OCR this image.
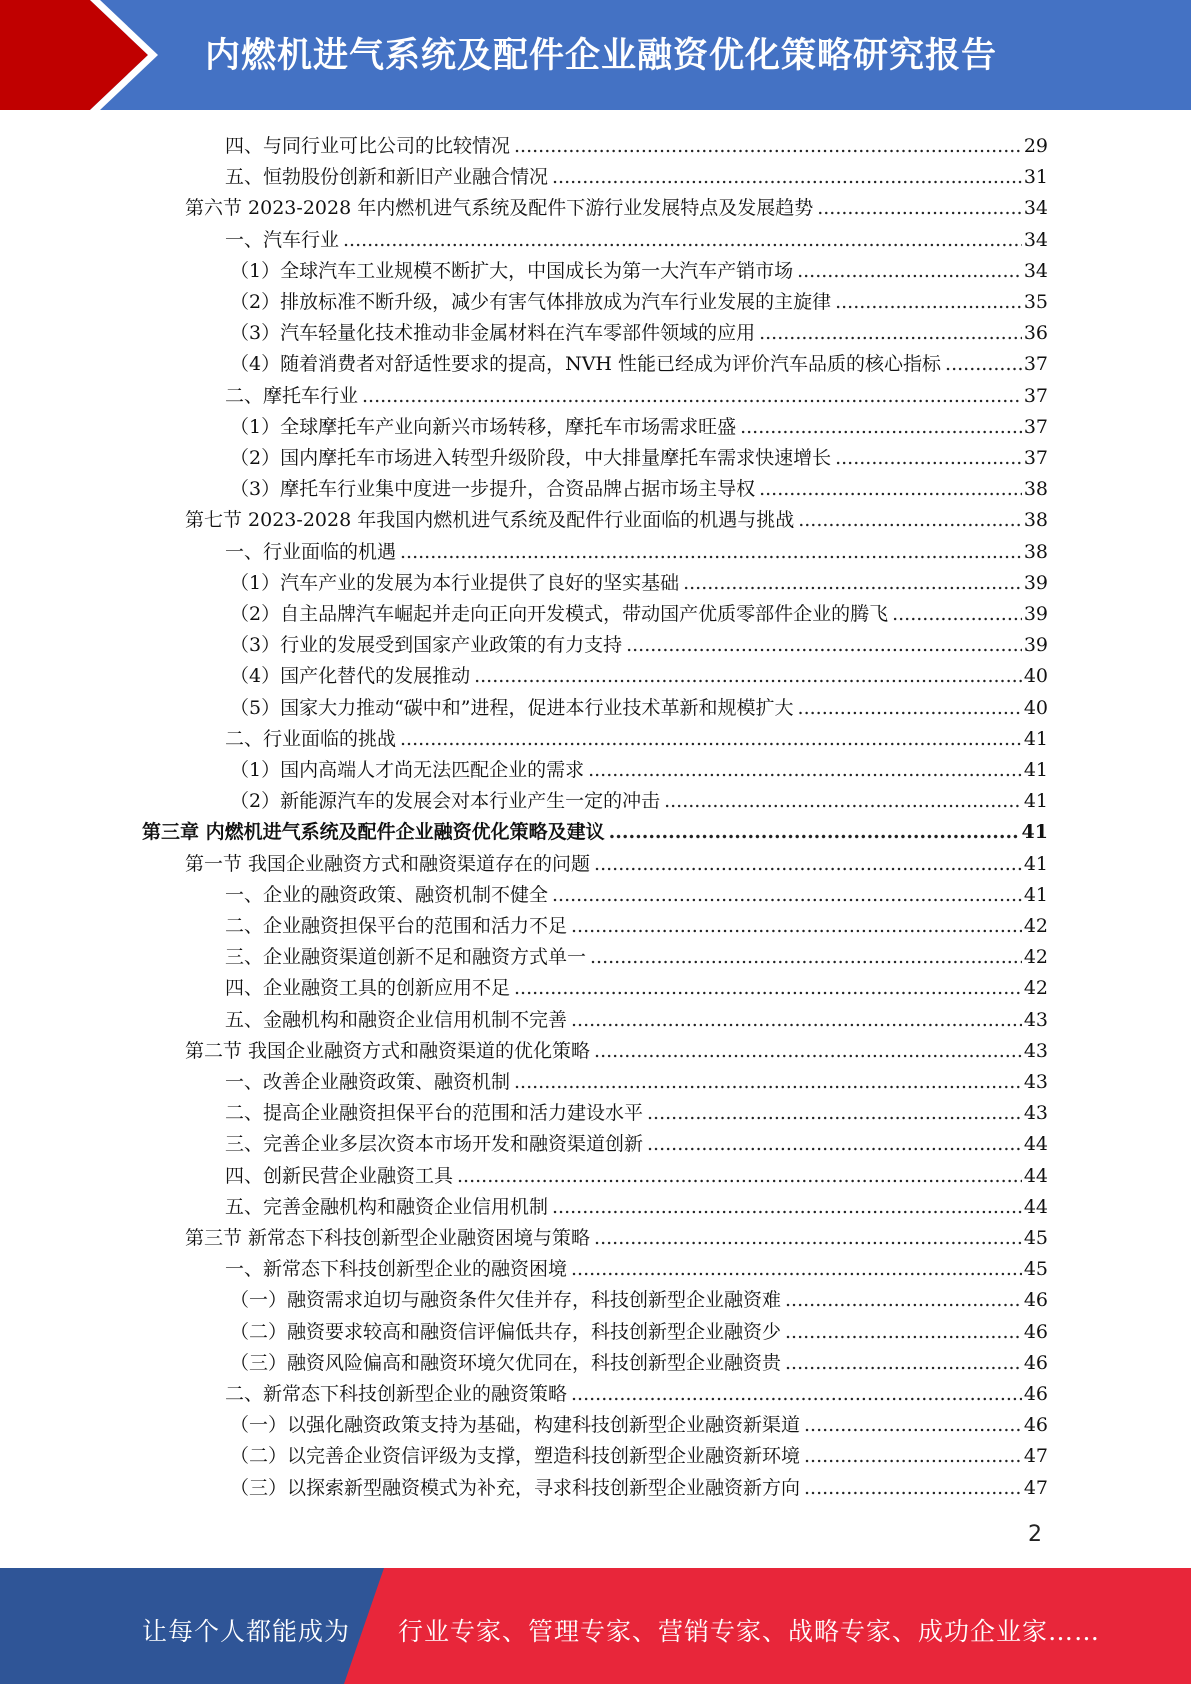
内燃机进气系统及配件企业融资优化策略研究报告
四、与同行业可比公司的比较情况 .....	29
五、恒勃股份创新和新旧产业融合情况 .....	31
第六节 2023-2028 年内燃机进气系统及配件下游行业发展特点及发展趋势 .....	34
一、汽车行业 .....	34
（1）全球汽车工业规模不断扩大，中国成长为第一大汽车产销市场 .....	34
（2）排放标准不断升级，减少有害气体排放成为汽车行业发展的主旋律 .....	35
（3）汽车轻量化技术推动非金属材料在汽车零部件领域的应用 .....	36
（4）随着消费者对舒适性要求的提高，NVH 性能已经成为评价汽车品质的核心指标 .....	37
二、摩托车行业 .....	37
（1）全球摩托车产业向新兴市场转移，摩托车市场需求旺盛 .....	37
（2）国内摩托车市场进入转型升级阶段，中大排量摩托车需求快速增长 .....	37
（3）摩托车行业集中度进一步提升，合资品牌占据市场主导权 .....	38
第七节 2023-2028 年我国内燃机进气系统及配件行业面临的机遇与挑战 .....	38
一、行业面临的机遇 .....	38
（1）汽车产业的发展为本行业提供了良好的坚实基础 .....	39
（2）自主品牌汽车崛起并走向正向开发模式，带动国产优质零部件企业的腾飞 .....	39
（3）行业的发展受到国家产业政策的有力支持 .....	39
（4）国产化替代的发展推动 .....	40
（5）国家大力推动“碳中和”进程，促进本行业技术革新和规模扩大 .....	40
二、行业面临的挑战 .....	41
（1）国内高端人才尚无法匹配企业的需求 .....	41
（2）新能源汽车的发展会对本行业产生一定的冲击 .....	41
第三章 内燃机进气系统及配件企业融资优化策略及建议 .....	41
第一节 我国企业融资方式和融资渠道存在的问题 .....	41
一、企业的融资政策、融资机制不健全 .....	41
二、企业融资担保平台的范围和活力不足 .....	42
三、企业融资渠道创新不足和融资方式单一 .....	42
四、企业融资工具的创新应用不足 .....	42
五、金融机构和融资企业信用机制不完善 .....	43
第二节 我国企业融资方式和融资渠道的优化策略 .....	43
一、改善企业融资政策、融资机制 .....	43
二、提高企业融资担保平台的范围和活力建设水平 .....	43
三、完善企业多层次资本市场开发和融资渠道创新 .....	44
四、创新民营企业融资工具 .....	44
五、完善金融机构和融资企业信用机制 .....	44
第三节 新常态下科技创新型企业融资困境与策略 .....	45
一、新常态下科技创新型企业的融资困境 .....	45
（一）融资需求迫切与融资条件欠佳并存，科技创新型企业融资难 .....	46
（二）融资要求较高和融资信评偏低共存，科技创新型企业融资少 .....	46
（三）融资风险偏高和融资环境欠优同在，科技创新型企业融资贵 .....	46
二、新常态下科技创新型企业的融资策略 .....	46
（一）以强化融资政策支持为基础，构建科技创新型企业融资新渠道 .....	46
（二）以完善企业资信评级为支撑，塑造科技创新型企业融资新环境 .....	47
（三）以探索新型融资模式为补充，寻求科技创新型企业融资新方向 .....	47
2
让每个人都能成为 行业专家、管理专家、营销专家、战略专家、成功企业家……
